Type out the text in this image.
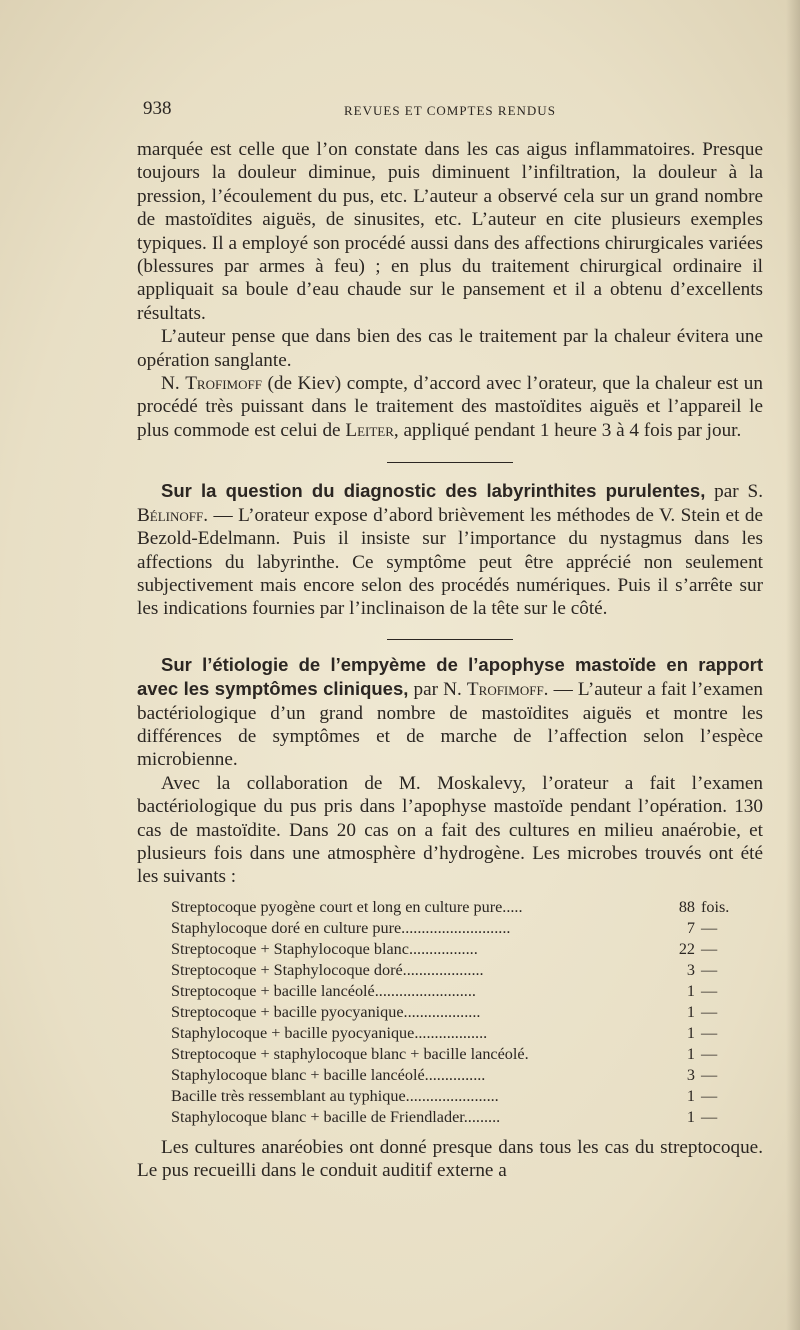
938	REVUES ET COMPTES RENDUS

marquée est celle que l’on constate dans les cas aigus inflammatoires. Presque toujours la douleur diminue, puis diminuent l’infiltration, la douleur à la pression, l’écoulement du pus, etc. L’auteur a observé cela sur un grand nombre de mastoïdites aiguës, de sinusites, etc. L’auteur en cite plusieurs exemples typiques. Il a employé son procédé aussi dans des affections chirurgicales variées (blessures par armes à feu) ; en plus du traitement chirurgical ordinaire il appliquait sa boule d’eau chaude sur le pansement et il a obtenu d’excellents résultats.

L’auteur pense que dans bien des cas le traitement par la chaleur évitera une opération sanglante.

N. Trofimoff (de Kiev) compte, d’accord avec l’orateur, que la chaleur est un procédé très puissant dans le traitement des mastoïdites aiguës et l’appareil le plus commode est celui de Leiter, appliqué pendant 1 heure 3 à 4 fois par jour.

Sur la question du diagnostic des labyrinthites purulentes, par S. Bélinoff. — L’orateur expose d’abord brièvement les méthodes de V. Stein et de Bezold-Edelmann. Puis il insiste sur l’importance du nystagmus dans les affections du labyrinthe. Ce symptôme peut être apprécié non seulement subjectivement mais encore selon des procédés numériques. Puis il s’arrête sur les indications fournies par l’inclinaison de la tête sur le côté.

Sur l’étiologie de l’empyème de l’apophyse mastoïde en rapport avec les symptômes cliniques, par N. Trofimoff. — L’auteur a fait l’examen bactériologique d’un grand nombre de mastoïdites aiguës et montre les différences de symptômes et de marche de l’affection selon l’espèce microbienne.

Avec la collaboration de M. Moskalevy, l’orateur a fait l’examen bactériologique du pus pris dans l’apophyse mastoïde pendant l’opération. 130 cas de mastoïdite. Dans 20 cas on a fait des cultures en milieu anaérobie, et plusieurs fois dans une atmosphère d’hydrogène. Les microbes trouvés ont été les suivants :

Streptocoque pyogène court et long en culture pure.....	88	fois.
Staphylocoque doré en culture pure...........................	7	—
Streptocoque + Staphylocoque blanc.................	22	—
Streptocoque + Staphylocoque doré....................	3	—
Streptocoque + bacille lancéolé.........................	1	—
Streptocoque + bacille pyocyanique...................	1	—
Staphylocoque + bacille pyocyanique..................	1	—
Streptocoque + staphylocoque blanc + bacille lancéolé.	1	—
Staphylocoque blanc + bacille lancéolé...............	3	—
Bacille très ressemblant au typhique.......................	1	—
Staphylocoque blanc + bacille de Friendlader.........	1	—

Les cultures anaréobies ont donné presque dans tous les cas du streptocoque. Le pus recueilli dans le conduit auditif externe a
